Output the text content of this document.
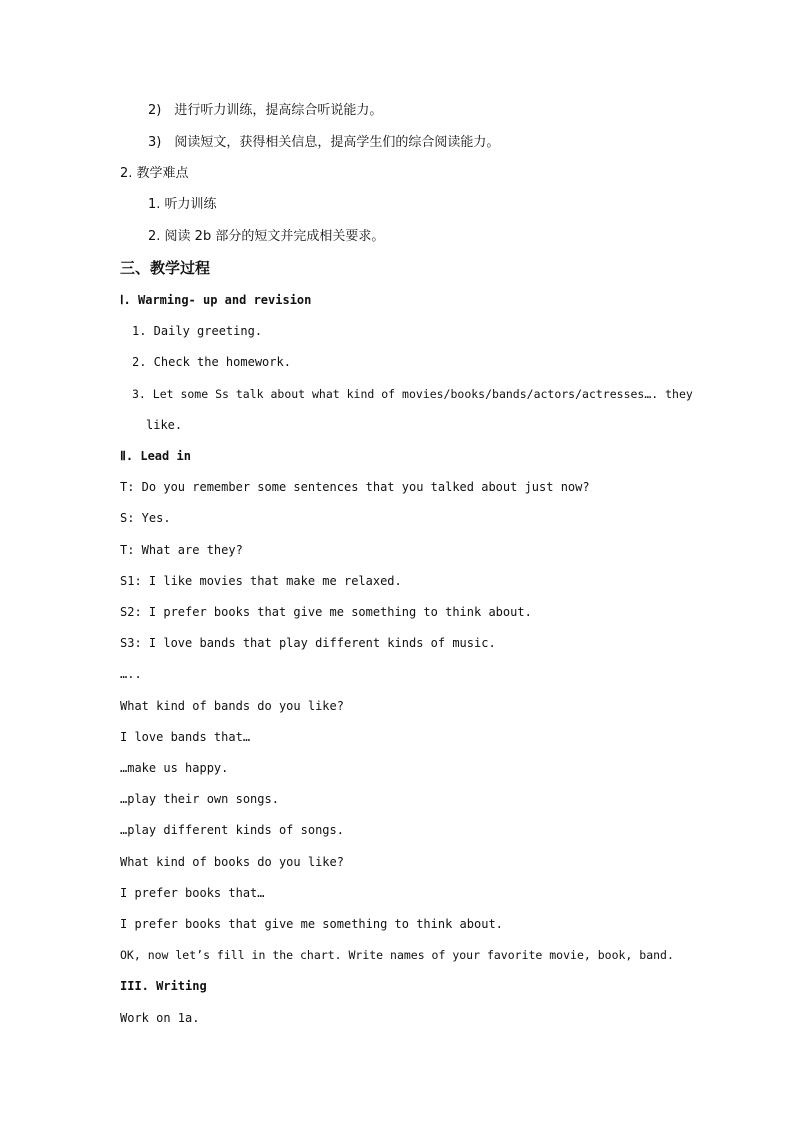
2)　进行听力训练，提高综合听说能力。
3)　阅读短文，获得相关信息，提高学生们的综合阅读能力。
2. 教学难点
1. 听力训练
2. 阅读 2b 部分的短文并完成相关要求。
三、教学过程
Ⅰ. Warming- up and revision
1. Daily greeting.
2. Check the homework.
3. Let some Ss talk about what kind of movies/books/bands/actors/actresses…. they
like.
Ⅱ. Lead in
T: Do you remember some sentences that you talked about just now?
S: Yes.
T: What are they?
S1: I like movies that make me relaxed.
S2: I prefer books that give me something to think about.
S3: I love bands that play different kinds of music.
…..
What kind of bands do you like?
I love bands that…
…make us happy.
…play their own songs.
…play different kinds of songs.
What kind of books do you like?
I prefer books that…
I prefer books that give me something to think about.
OK, now let’s fill in the chart. Write names of your favorite movie, book, band.
III. Writing
Work on 1a.
